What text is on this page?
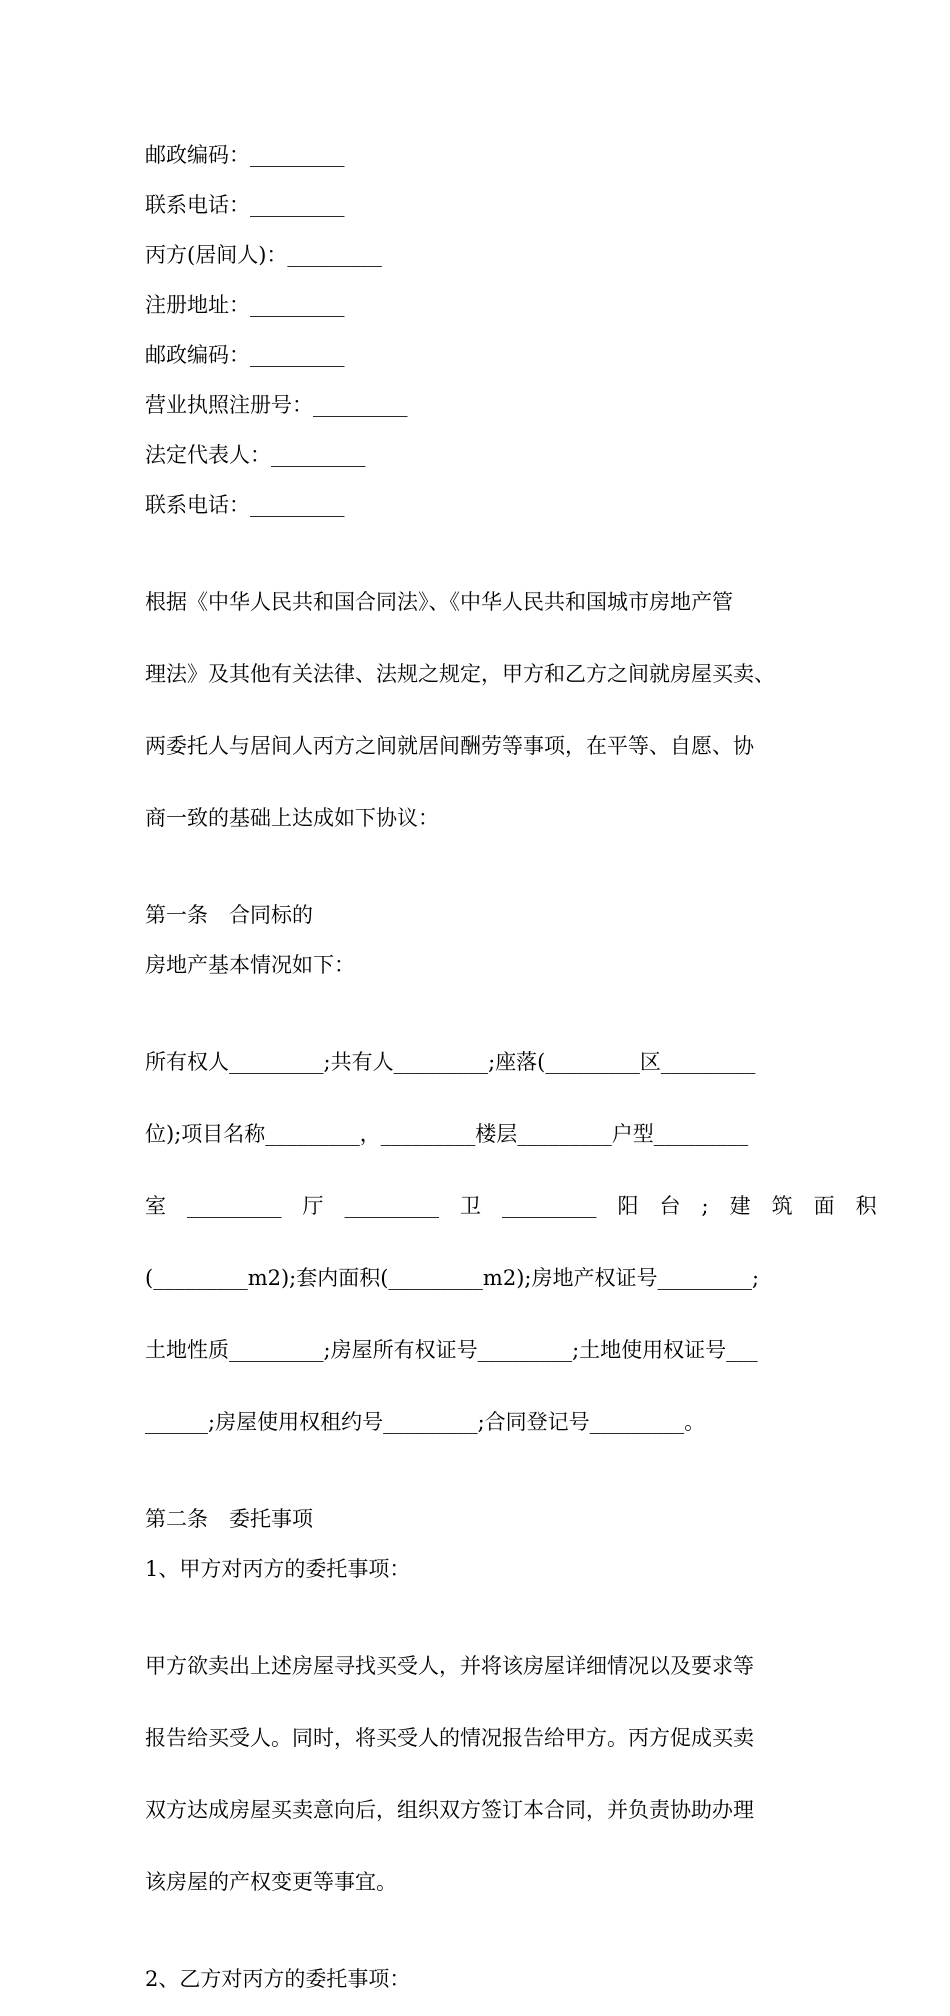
邮政编码：_________
联系电话：_________
丙方(居间人)：_________
注册地址：_________
邮政编码：_________
营业执照注册号：_________
法定代表人：_________
联系电话：_________

根据《中华人民共和国合同法》、《中华人民共和国城市房地产管

理法》及其他有关法律、法规之规定，甲方和乙方之间就房屋买卖、

两委托人与居间人丙方之间就居间酬劳等事项，在平等、自愿、协

商一致的基础上达成如下协议：

第一条　合同标的
房地产基本情况如下：

所有权人_________;共有人_________;座落(_________区_________

位);项目名称_________，_________楼层_________户型_________

室　_________　厅　_________　卫　_________　阳　台　;　建　筑　面　积

(_________m2);套内面积(_________m2);房地产权证号_________;

土地性质_________;房屋所有权证号_________;土地使用权证号___

______;房屋使用权租约号_________;合同登记号_________。

第二条　委托事项
1、甲方对丙方的委托事项：

甲方欲卖出上述房屋寻找买受人，并将该房屋详细情况以及要求等

报告给买受人。同时，将买受人的情况报告给甲方。丙方促成买卖

双方达成房屋买卖意向后，组织双方签订本合同，并负责协助办理

该房屋的产权变更等事宜。

2、乙方对丙方的委托事项：
